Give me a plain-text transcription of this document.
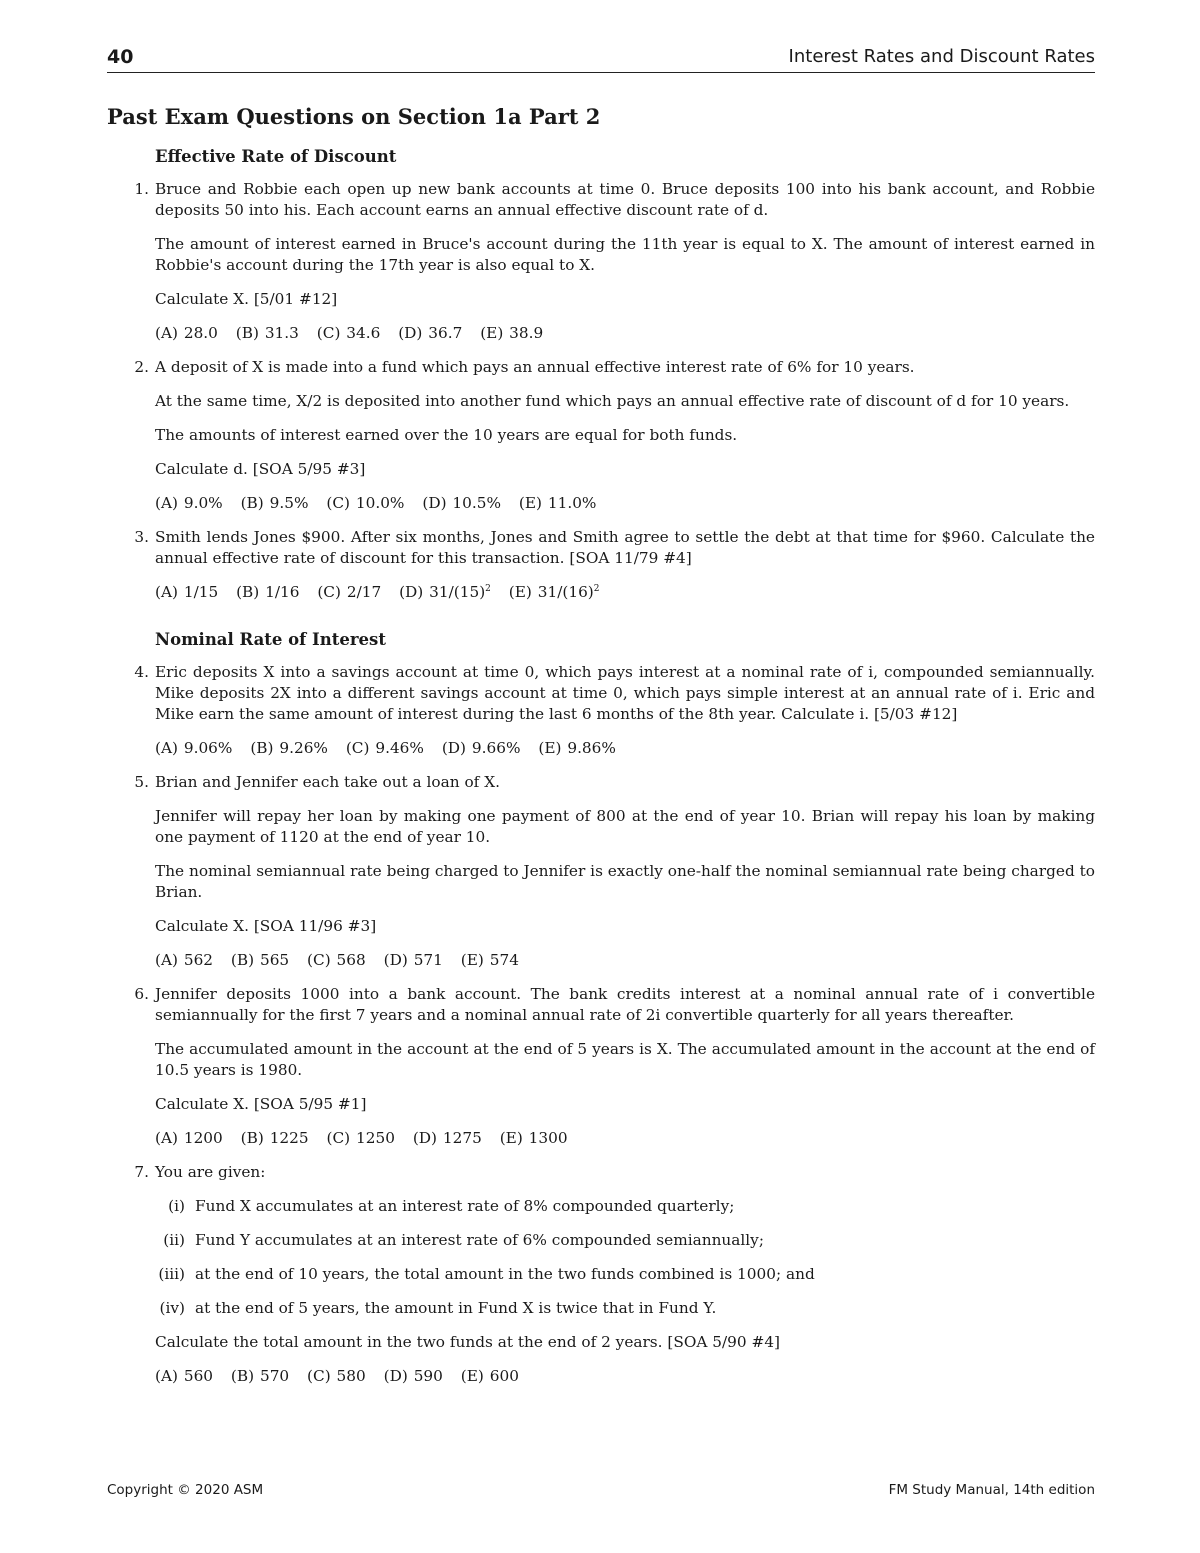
40	Interest Rates and Discount Rates
Past Exam Questions on Section 1a Part 2
Effective Rate of Discount
1. Bruce and Robbie each open up new bank accounts at time 0. Bruce deposits 100 into his bank account, and Robbie deposits 50 into his. Each account earns an annual effective discount rate of d.

The amount of interest earned in Bruce's account during the 11th year is equal to X. The amount of interest earned in Robbie's account during the 17th year is also equal to X.

Calculate X. [5/01 #12]

(A) 28.0 (B) 31.3 (C) 34.6 (D) 36.7 (E) 38.9
2. A deposit of X is made into a fund which pays an annual effective interest rate of 6% for 10 years.

At the same time, X/2 is deposited into another fund which pays an annual effective rate of discount of d for 10 years.

The amounts of interest earned over the 10 years are equal for both funds.

Calculate d. [SOA 5/95 #3]

(A) 9.0% (B) 9.5% (C) 10.0% (D) 10.5% (E) 11.0%
3. Smith lends Jones $900. After six months, Jones and Smith agree to settle the debt at that time for $960. Calculate the annual effective rate of discount for this transaction. [SOA 11/79 #4]

(A) 1/15 (B) 1/16 (C) 2/17 (D) $31/(15)^2$ (E) $31/(16)^2$
Nominal Rate of Interest
4. Eric deposits X into a savings account at time 0, which pays interest at a nominal rate of i, compounded semiannually. Mike deposits 2X into a different savings account at time 0, which pays simple interest at an annual rate of i. Eric and Mike earn the same amount of interest during the last 6 months of the 8th year. Calculate i. [5/03 #12]

(A) 9.06% (B) 9.26% (C) 9.46% (D) 9.66% (E) 9.86%
5. Brian and Jennifer each take out a loan of X.

Jennifer will repay her loan by making one payment of 800 at the end of year 10. Brian will repay his loan by making one payment of 1120 at the end of year 10.

The nominal semiannual rate being charged to Jennifer is exactly one-half the nominal semiannual rate being charged to Brian.

Calculate X. [SOA 11/96 #3]

(A) 562 (B) 565 (C) 568 (D) 571 (E) 574
6. Jennifer deposits 1000 into a bank account. The bank credits interest at a nominal annual rate of i convertible semiannually for the first 7 years and a nominal annual rate of 2i convertible quarterly for all years thereafter.

The accumulated amount in the account at the end of 5 years is X. The accumulated amount in the account at the end of 10.5 years is 1980.

Calculate X. [SOA 5/95 #1]

(A) 1200 (B) 1225 (C) 1250 (D) 1275 (E) 1300
7. You are given:

(i) Fund X accumulates at an interest rate of 8% compounded quarterly;
(ii) Fund Y accumulates at an interest rate of 6% compounded semiannually;
(iii) at the end of 10 years, the total amount in the two funds combined is 1000; and
(iv) at the end of 5 years, the amount in Fund X is twice that in Fund Y.

Calculate the total amount in the two funds at the end of 2 years. [SOA 5/90 #4]

(A) 560 (B) 570 (C) 580 (D) 590 (E) 600
Copyright © 2020 ASM	FM Study Manual, 14th edition
